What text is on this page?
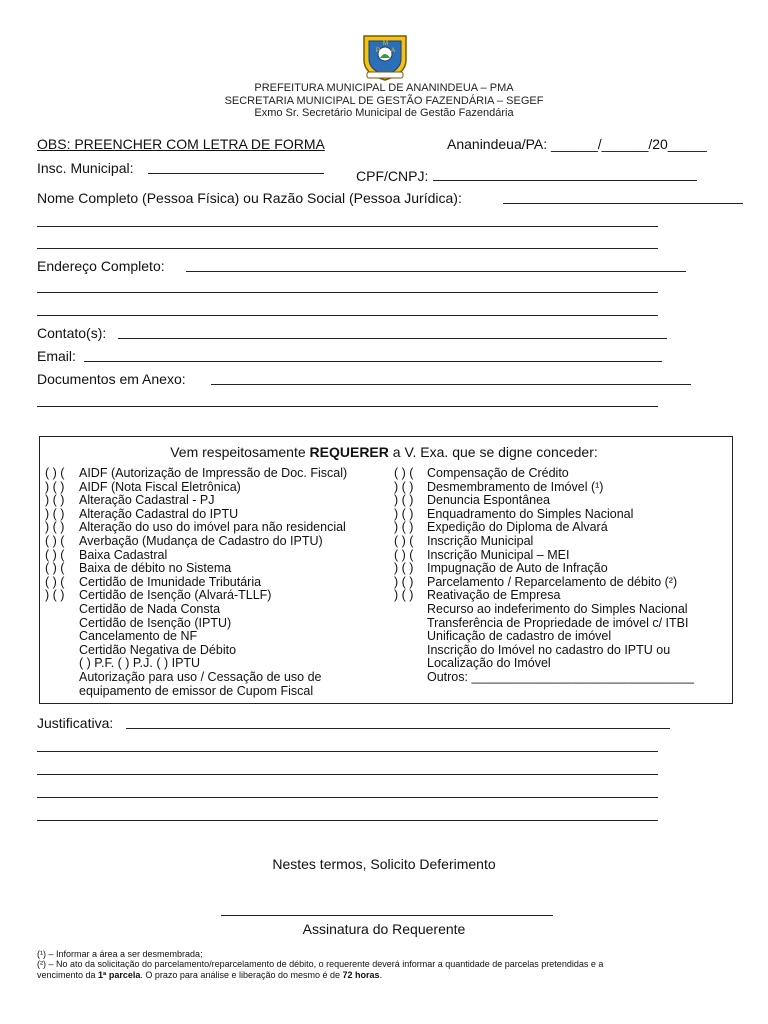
P
M
A
PREFEITURA MUNICIPAL DE ANANINDEUA – PMA
SECRETARIA MUNICIPAL DE GESTÃO FAZENDÁRIA – SEGEF
Exmo Sr. Secretário Municipal de Gestão Fazendária
OBS: PREENCHER COM LETRA DE FORMA	Ananindeua/PA: ______/______/20_____
Insc. Municipal:	CPF/CNPJ:
Nome Completo (Pessoa Física) ou Razão Social (Pessoa Jurídica):
Endereço Completo:
Contato(s):
Email:
Documentos em Anexo:
Vem respeitosamente REQUERER a V. Exa. que se digne conceder:
( ) ( AIDF (Autorização de Impressão de Doc. Fiscal)
) ( ) AIDF (Nota Fiscal Eletrônica)
) ( ) Alteração Cadastral - PJ
) ( ) Alteração Cadastral do IPTU
) ( ) Alteração do uso do imóvel para não residencial
( ) ( Averbação (Mudança de Cadastro do IPTU)
( ) ( Baixa Cadastral
( ) ( Baixa de débito no Sistema
( ) ( Certidão de Imunidade Tributária
) ( ) Certidão de Isenção (Alvará-TLLF)
Certidão de Nada Consta
Certidão de Isenção (IPTU)
Cancelamento de NF
Certidão Negativa de Débito
( ) P.F. ( ) P.J. ( ) IPTU
Autorização para uso / Cessação de uso de
equipamento de emissor de Cupom Fiscal
( ) ( Compensação de Crédito
) ( ) Desmembramento de Imóvel (¹)
) ( ) Denuncia Espontânea
) ( ) Enquadramento do Simples Nacional
) ( ) Expedição do Diploma de Alvará
( ) ( Inscrição Municipal
( ) ( Inscrição Municipal – MEI
) ( ) Impugnação de Auto de Infração
) ( ) Parcelamento / Reparcelamento de débito (²)
) ( ) Reativação de Empresa
Recurso ao indeferimento do Simples Nacional
Transferência de Propriedade de imóvel c/ ITBI
Unificação de cadastro de imóvel
Inscrição do Imóvel no cadastro do IPTU ou
Localização do Imóvel
Outros: ________________________________
Justificativa:
Nestes termos, Solicito Deferimento
Assinatura do Requerente
(¹) – Informar a área a ser desmembrada;
(²) – No ato da solicitação do parcelamento/reparcelamento de débito, o requerente deverá informar a quantidade de parcelas pretendidas e a
vencimento da 1ª parcela. O prazo para análise e liberação do mesmo é de 72 horas.
